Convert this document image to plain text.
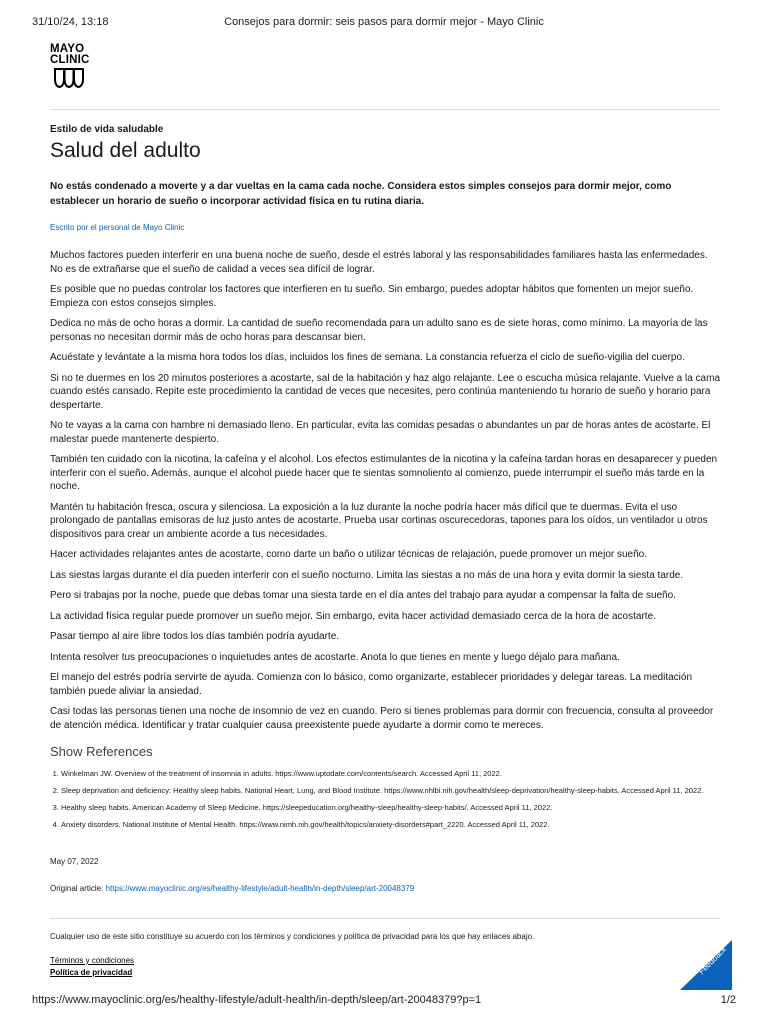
31/10/24, 13:18	Consejos para dormir: seis pasos para dormir mejor - Mayo Clinic
MAYO
CLINIC

Estilo de vida saludable

Salud del adulto

No estás condenado a moverte y a dar vueltas en la cama cada noche. Considera estos simples consejos para dormir mejor, como establecer un horario de sueño o incorporar actividad física en tu rutina diaria.

Escrito por el personal de Mayo Clinic

Muchos factores pueden interferir en una buena noche de sueño, desde el estrés laboral y las responsabilidades familiares hasta las enfermedades. No es de extrañarse que el sueño de calidad a veces sea difícil de lograr.

Es posible que no puedas controlar los factores que interfieren en tu sueño. Sin embargo, puedes adoptar hábitos que fomenten un mejor sueño. Empieza con estos consejos simples.

Dedica no más de ocho horas a dormir. La cantidad de sueño recomendada para un adulto sano es de siete horas, como mínimo. La mayoría de las personas no necesitan dormir más de ocho horas para descansar bien.

Acuéstate y levántate a la misma hora todos los días, incluidos los fines de semana. La constancia refuerza el ciclo de sueño-vigilia del cuerpo.

Si no te duermes en los 20 minutos posteriores a acostarte, sal de la habitación y haz algo relajante. Lee o escucha música relajante. Vuelve a la cama cuando estés cansado. Repite este procedimiento la cantidad de veces que necesites, pero continúa manteniendo tu horario de sueño y horario para despertarte.

No te vayas a la cama con hambre ni demasiado lleno. En particular, evita las comidas pesadas o abundantes un par de horas antes de acostarte. El malestar puede mantenerte despierto.

También ten cuidado con la nicotina, la cafeína y el alcohol. Los efectos estimulantes de la nicotina y la cafeína tardan horas en desaparecer y pueden interferir con el sueño. Además, aunque el alcohol puede hacer que te sientas somnoliento al comienzo, puede interrumpir el sueño más tarde en la noche.

Mantén tu habitación fresca, oscura y silenciosa. La exposición a la luz durante la noche podría hacer más difícil que te duermas. Evita el uso prolongado de pantallas emisoras de luz justo antes de acostarte. Prueba usar cortinas oscurecedoras, tapones para los oídos, un ventilador u otros dispositivos para crear un ambiente acorde a tus necesidades.

Hacer actividades relajantes antes de acostarte, como darte un baño o utilizar técnicas de relajación, puede promover un mejor sueño.

Las siestas largas durante el día pueden interferir con el sueño nocturno. Limita las siestas a no más de una hora y evita dormir la siesta tarde.

Pero si trabajas por la noche, puede que debas tomar una siesta tarde en el día antes del trabajo para ayudar a compensar la falta de sueño.

La actividad física regular puede promover un sueño mejor. Sin embargo, evita hacer actividad demasiado cerca de la hora de acostarte.

Pasar tiempo al aire libre todos los días también podría ayudarte.

Intenta resolver tus preocupaciones o inquietudes antes de acostarte. Anota lo que tienes en mente y luego déjalo para mañana.

El manejo del estrés podría servirte de ayuda. Comienza con lo básico, como organizarte, establecer prioridades y delegar tareas. La meditación también puede aliviar la ansiedad.

Casi todas las personas tienen una noche de insomnio de vez en cuando. Pero si tienes problemas para dormir con frecuencia, consulta al proveedor de atención médica. Identificar y tratar cualquier causa preexistente puede ayudarte a dormir como te mereces.

Show References
1. Winkelman JW. Overview of the treatment of insomnia in adults. https://www.uptodate.com/contents/search. Accessed April 11, 2022.
2. Sleep deprivation and deficiency: Healthy sleep habits. National Heart, Lung, and Blood Institute. https://www.nhlbi.nih.gov/health/sleep-deprivation/healthy-sleep-habits. Accessed April 11, 2022.
3. Healthy sleep habits. American Academy of Sleep Medicine. https://sleepeducation.org/healthy-sleep/healthy-sleep-habits/. Accessed April 11, 2022.
4. Anxiety disorders. National Institute of Mental Health. https://www.nimh.nih.gov/health/topics/anxiety-disorders#part_2220. Accessed April 11, 2022.
May 07, 2022
Original article: https://www.mayoclinic.org/es/healthy-lifestyle/adult-health/in-depth/sleep/art-20048379

Cualquier uso de este sitio constituye su acuerdo con los términos y condiciones y política de privacidad para los que hay enlaces abajo.

Términos y condiciones
Política de privacidad	Feedback
https://www.mayoclinic.org/es/healthy-lifestyle/adult-health/in-depth/sleep/art-20048379?p=1	1/2
